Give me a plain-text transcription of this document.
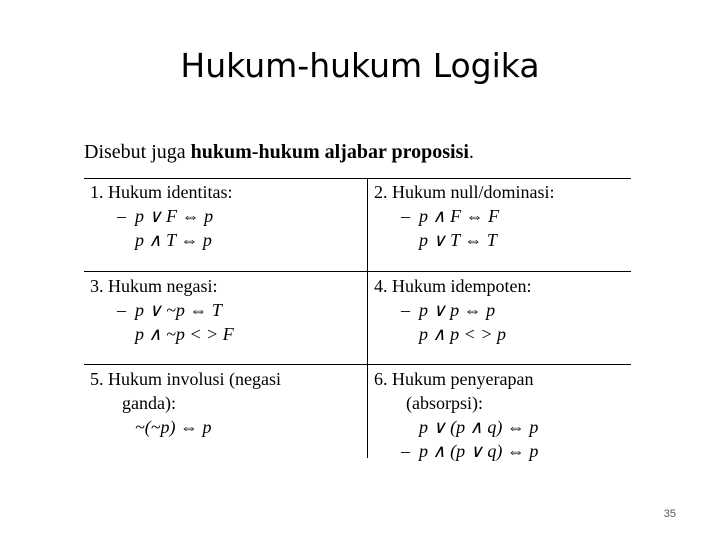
Hukum-hukum Logika
Disebut juga hukum-hukum aljabar proposisi.
1. Hukum identitas:
– p ∨ F ⇔ p
p ∧ T ⇔ p
2. Hukum null/dominasi:
– p ∧ F ⇔ F
p ∨ T ⇔ T
3. Hukum negasi:
– p ∨ ~p ⇔ T
p ∧ ~p < > F
4. Hukum idempoten:
– p ∨ p ⇔ p
p ∧ p < > p
5. Hukum involusi (negasi
ganda):
~(~p) ⇔ p
6. Hukum penyerapan
(absorpsi):
p ∨ (p ∧ q) ⇔ p
– p ∧ (p ∨ q) ⇔ p
35
